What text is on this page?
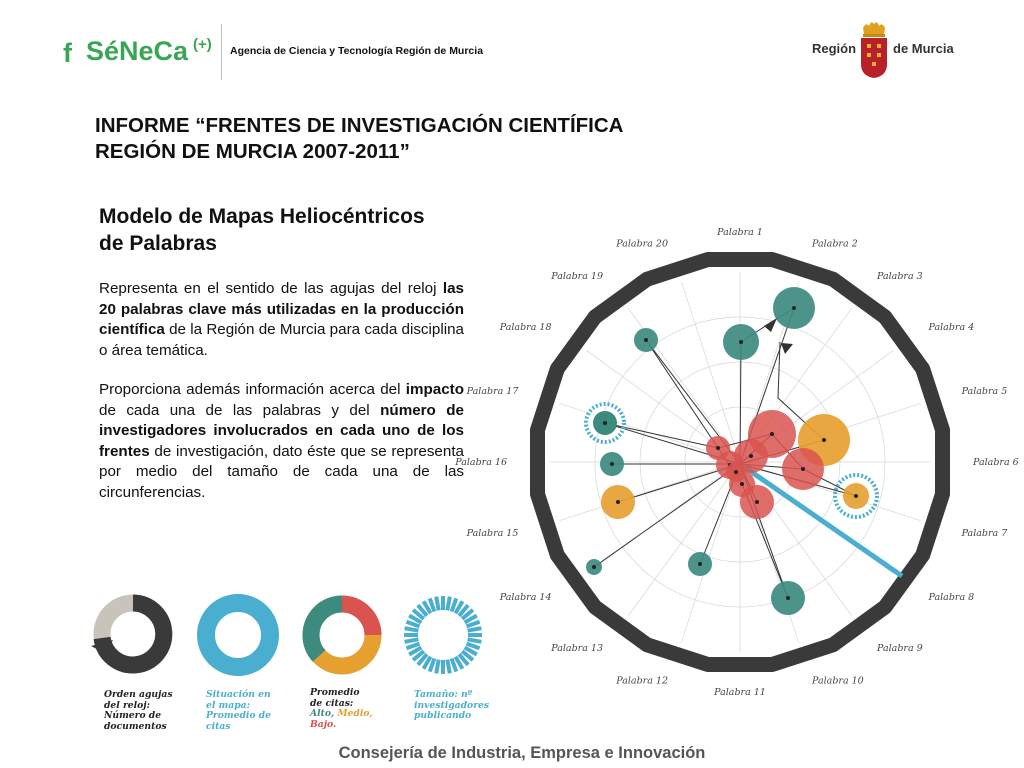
f SéNeCa (+) Agencia de Ciencia y Tecnología Región de Murcia	Región	de Murcia
INFORME “FRENTES DE INVESTIGACIÓN CIENTÍFICA
REGIÓN DE MURCIA 2007-2011”
Modelo de Mapas Heliocéntricos
de Palabras
Representa en el sentido de las agujas del reloj las 20 palabras clave más utilizadas en la producción científica de la Región de Murcia para cada disciplina o área temática.
Proporciona además información acerca del impacto de cada una de las palabras y del número de investigadores involucrados en cada uno de los frentes de investigación, dato éste que se representa por medio del tamaño de cada una de las circunferencias.
Palabra 1
Palabra 2
Palabra 3
Palabra 4
Palabra 5
Palabra 6
Palabra 7
Palabra 8
Palabra 9
Palabra 10
Palabra 11
Palabra 12
Palabra 13
Palabra 14
Palabra 15
Palabra 16
Palabra 17
Palabra 18
Palabra 19
Palabra 20
Orden agujas
del reloj:
Número de
documentos
Situación en
el mapa:
Promedio de
citas
Promedio
de citas:
Alto, Medio,
Bajo.
Tamaño: nº
investigadores
publicando
Consejería de Industria, Empresa e Innovación
